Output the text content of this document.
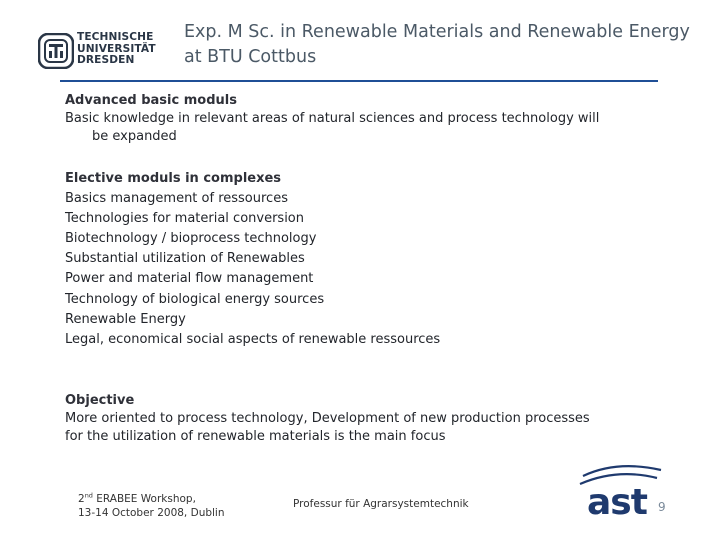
TECHNISCHE
UNIVERSITÄT
DRESDEN
Exp. M Sc. in Renewable Materials and Renewable Energy at BTU Cottbus
Advanced basic moduls
Basic knowledge in relevant areas of natural sciences and process technology will
be expanded
Elective moduls in complexes
Basics management of ressources
Technologies for material conversion
Biotechnology / bioprocess technology
Substantial utilization of Renewables
Power and material flow management
Technology of biological energy sources
Renewable Energy
Legal, economical social aspects of renewable ressources
Objective
More oriented to process technology, Development of new production processes
for the utilization of renewable materials is the main focus
2nd ERABEE Workshop,
13-14 October 2008, Dublin
Professur für Agrarsystemtechnik	ast 9
